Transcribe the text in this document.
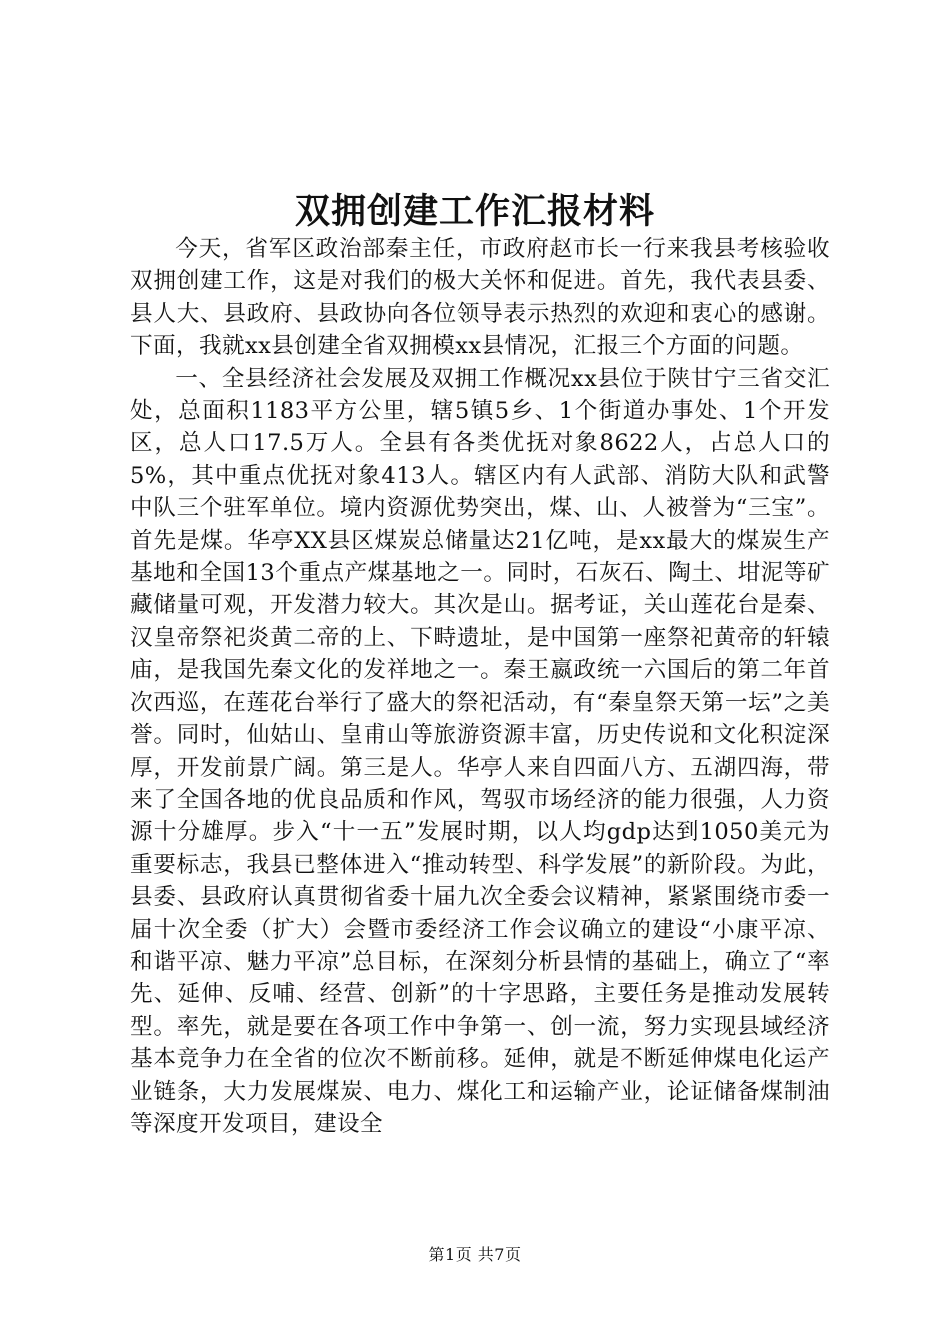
双拥创建工作汇报材料

今天，省军区政治部秦主任，市政府赵市长一行来我县考核验收双拥创建工作，这是对我们的极大关怀和促进。首先，我代表县委、县人大、县政府、县政协向各位领导表示热烈的欢迎和衷心的感谢。下面，我就xx县创建全省双拥模xx县情况，汇报三个方面的问题。

一、全县经济社会发展及双拥工作概况xx县位于陕甘宁三省交汇处，总面积1183平方公里，辖5镇5乡、1个街道办事处、1个开发区，总人口17.5万人。全县有各类优抚对象8622人，占总人口的5%，其中重点优抚对象413人。辖区内有人武部、消防大队和武警中队三个驻军单位。境内资源优势突出，煤、山、人被誉为“三宝”。首先是煤。华亭XX县区煤炭总储量达21亿吨，是xx最大的煤炭生产基地和全国13个重点产煤基地之一。同时，石灰石、陶土、坩泥等矿藏储量可观，开发潜力较大。其次是山。据考证，关山莲花台是秦、汉皇帝祭祀炎黄二帝的上、下畤遗址，是中国第一座祭祀黄帝的轩辕庙，是我国先秦文化的发祥地之一。秦王嬴政统一六国后的第二年首次西巡，在莲花台举行了盛大的祭祀活动，有“秦皇祭天第一坛”之美誉。同时，仙姑山、皇甫山等旅游资源丰富，历史传说和文化积淀深厚，开发前景广阔。第三是人。华亭人来自四面八方、五湖四海，带来了全国各地的优良品质和作风，驾驭市场经济的能力很强，人力资源十分雄厚。步入“十一五”发展时期，以人均gdp达到1050美元为重要标志，我县已整体进入“推动转型、科学发展”的新阶段。为此，县委、县政府认真贯彻省委十届九次全委会议精神，紧紧围绕市委一届十次全委（扩大）会暨市委经济工作会议确立的建设“小康平凉、和谐平凉、魅力平凉”总目标，在深刻分析县情的基础上，确立了“率先、延伸、反哺、经营、创新”的十字思路，主要任务是推动发展转型。率先，就是要在各项工作中争第一、创一流，努力实现县域经济基本竞争力在全省的位次不断前移。延伸，就是不断延伸煤电化运产业链条，大力发展煤炭、电力、煤化工和运输产业，论证储备煤制油等深度开发项目，建设全

第1页 共7页
